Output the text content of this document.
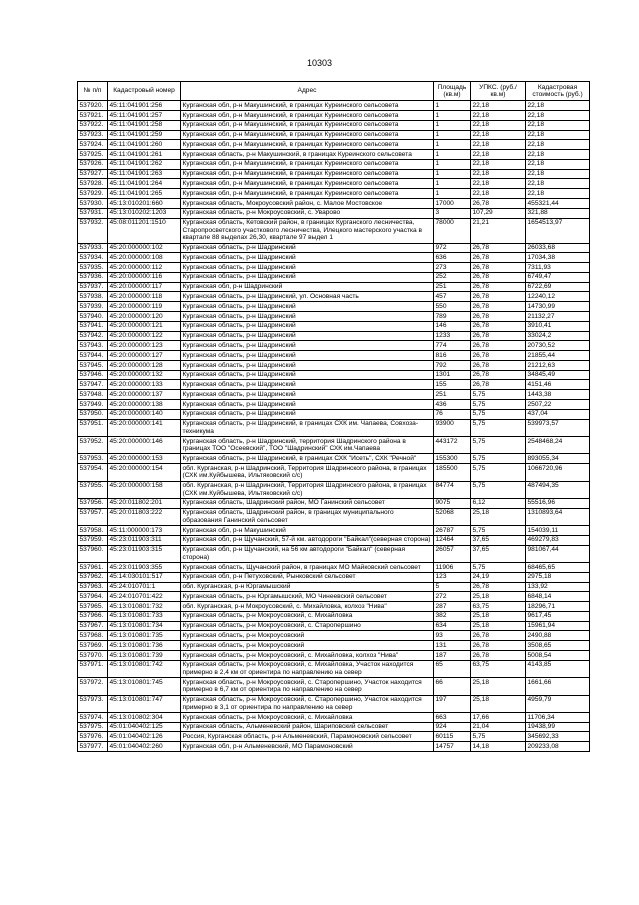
10303
№ п/п	Кадастровый номер	Адрес	Площадь (кв.м)	УПКС. (руб./кв.м)	Кадастровая стоимость (руб.)
537920.	45:11:041901:256	Курганская обл, р-н Макушинский, в границах Куреинского сельсовета	1	22,18	22,18
537921.	45:11:041901:257	Курганская обл, р-н Макушинский, в границах Куреинского сельсовета	1	22,18	22,18
537922.	45:11:041901:258	Курганская обл, р-н Макушинский, в границах Куреинского сельсовета	1	22,18	22,18
537923.	45:11:041901:259	Курганская обл, р-н Макушинский, в границах Куреинского сельсовета	1	22,18	22,18
537924.	45:11:041901:260	Курганская обл, р-н Макушинский, в границах Куреинского сельсовета	1	22,18	22,18
537925.	45:11:041901:261	Курганская область, р-н Макушинский, в границах Куреинского сельсовета	1	22,18	22,18
537926.	45:11:041901:262	Курганская обл, р-н Макушинский, в границах Куреинского сельсовета	1	22,18	22,18
537927.	45:11:041901:263	Курганская обл, р-н Макушинский, в границах Куреинского сельсовета	1	22,18	22,18
537928.	45:11:041901:264	Курганская обл, р-н Макушинский, в границах Куреинского сельсовета	1	22,18	22,18
537929.	45:11:041901:265	Курганская обл, р-н Макушинский, в границах Куреинского сельсовета	1	22,18	22,18
537930.	45:13:010201:660	Курганская область, Мокроусовский район, с. Малое Мостовское	17000	26,78	455321,44
537931.	45:13:010202:1203	Курганская область, р-н Мокроусовский, с. Уварово	3	107,29	321,88
537932.	45:08:011201:1510	Курганская область, Кетовский район, в границах Курганского лесничества, Старопросветского участкового лесничества, Илецкого мастерского участка в квартале 88 выделах 26,30, квартале 97 выдел 1	78000	21,21	1654513,97
537933.	45:20:000000:102	Курганская область, р-н Шадринский	972	26,78	26033,68
537934.	45:20:000000:108	Курганская область, р-н Шадринский	636	26,78	17034,38
537935.	45:20:000000:112	Курганская область, р-н Шадринский	273	26,78	7311,93
537936.	45:20:000000:116	Курганская область, р-н Шадринский	252	26,78	6749,47
537937.	45:20:000000:117	Курганская обл, р-н Шадринский	251	26,78	6722,69
537938.	45:20:000000:118	Курганская область, р-н Шадринский, ул. Основная часть	457	26,78	12240,12
537939.	45:20:000000:119	Курганская область, р-н Шадринский	550	26,78	14730,99
537940.	45:20:000000:120	Курганская область, р-н Шадринский	789	26,78	21132,27
537941.	45:20:000000:121	Курганская область, р-н Шадринский	146	26,78	3910,41
537942.	45:20:000000:122	Курганская область, р-н Шадринский	1233	26,78	33024,2
537943.	45:20:000000:123	Курганская область, р-н Шадринский	774	26,78	20730,52
537944.	45:20:000000:127	Курганская область, р-н Шадринский	816	26,78	21855,44
537945.	45:20:000000:128	Курганская область, р-н Шадринский	792	26,78	21212,63
537946.	45:20:000000:132	Курганская область, р-н Шадринский	1301	26,78	34845,49
537947.	45:20:000000:133	Курганская область, р-н Шадринский	155	26,78	4151,46
537948.	45:20:000000:137	Курганская область, р-н Шадринский	251	5,75	1443,38
537949.	45:20:000000:138	Курганская область, р-н Шадринский	436	5,75	2507,22
537950.	45:20:000000:140	Курганская область, р-н Шадринский	76	5,75	437,04
537951.	45:20:000000:141	Курганская область, р-н Шадринский, в границах СХК им. Чапаева, Совхоза-техникума	93900	5,75	539973,57
537952.	45:20:000000:146	Курганская область, р-н Шадринский, территория Шадринского района в границах ТОО "Осеевский", ТОО "Шадринский" СХК им.Чапаева	443172	5,75	2548468,24
537953.	45:20:000000:153	Курганская область, р-н Шадринский, в границах СХК "Исеть", СХК "Речной"	155300	5,75	893055,34
537954.	45:20:000000:154	обл. Курганская, р-н Шадринский, Территория Шадринского района, в границах (СХК им.Куйбышева, Ильтяковский с/с)	185500	5,75	1066720,96
537955.	45:20:000000:158	обл. Курганская, р-н Шадринский, Территория Шадринского района, в границах (СХК им.Куйбышева, Ильтяковский с/с)	84774	5,75	487494,35
537956.	45:20:011802:201	Курганская область, Шадринский район, МО Ганинский сельсовет	9075	6,12	55516,96
537957.	45:20:011803:222	Курганская область, Шадринский район, в границах муниципального образования Ганинский сельсовет	52068	25,18	1310893,64
537958.	45:11:000000:173	Курганская обл, р-н Макушинский	26787	5,75	154039,11
537959.	45:23:011903:311	Курганская обл, р-н Щучанский, 57-й км. автодороги "Байкал"(северная сторона)	12464	37,65	469279,83
537960.	45:23:011903:315	Курганская обл, р-н Щучанский, на 56 км автодороги "Байкал" (северная сторона)	26057	37,65	981067,44
537961.	45:23:011903:355	Курганская область, Щучанский район, в границах МО Майковский сельсовет	11906	5,75	68465,65
537962.	45:14:030101:517	Курганская обл, р-н Петуховский, Рынковский сельсовет	123	24,19	2975,18
537963.	45:24:010701:1	обл. Курганская, р-н Юргамышский	5	26,78	133,92
537964.	45:24:010701:422	Курганская область, р-н Юргамышский, МО Чинеевский сельсовет	272	25,18	6848,14
537965.	45:13:010801:732	обл. Курганская, р-н Мокроусовский, с. Михайловка, колхоз "Нива"	287	63,75	18296,71
537966.	45:13:010801:733	Курганская область, р-н Мокроусовский, с. Михайловка	382	25,18	9617,45
537967.	45:13:010801:734	Курганская область, р-н Мокроусовский, с. Старопершино	634	25,18	15961,94
537968.	45:13:010801:735	Курганская область, р-н Мокроусовский	93	26,78	2490,88
537969.	45:13:010801:736	Курганская область, р-н Мокроусовский	131	26,78	3508,65
537970.	45:13:010801:739	Курганская область, р-н Мокроусовский, с. Михайловка, колхоз "Нива"	187	26,78	5008,54
537971.	45:13:010801:742	Курганская область, р-н Мокроусовский, с. Михайловка, Участок находится примерно в 2,4 км от ориентира по направлению на север	65	63,75	4143,85
537972.	45:13:010801:745	Курганская область, р-н Мокроусовский, с. Старопершино, Участок находится примерно в 6,7 км от ориентира по направлению на север	66	25,18	1661,66
537973.	45:13:010801:747	Курганская область, р-н Мокроусовский, с. Старопершино, Участок находится примерно в 3,1 от ориентира по направлению на север	197	25,18	4959,79
537974.	45:13:010802:304	Курганская область, р-н Мокроусовский, с. Михайловка	663	17,66	11706,34
537975.	45:01:040402:125	Курганская область, Альменевский район, Шариповский сельсовет	924	21,04	19438,99
537976.	45:01:040402:126	Россия, Курганская область, р-н Альменевский, Парамоновский сельсовет	60115	5,75	345692,33
537977.	45:01:040402:260	Курганская обл, р-н Альменевский, МО Парамоновский	14757	14,18	209233,08
